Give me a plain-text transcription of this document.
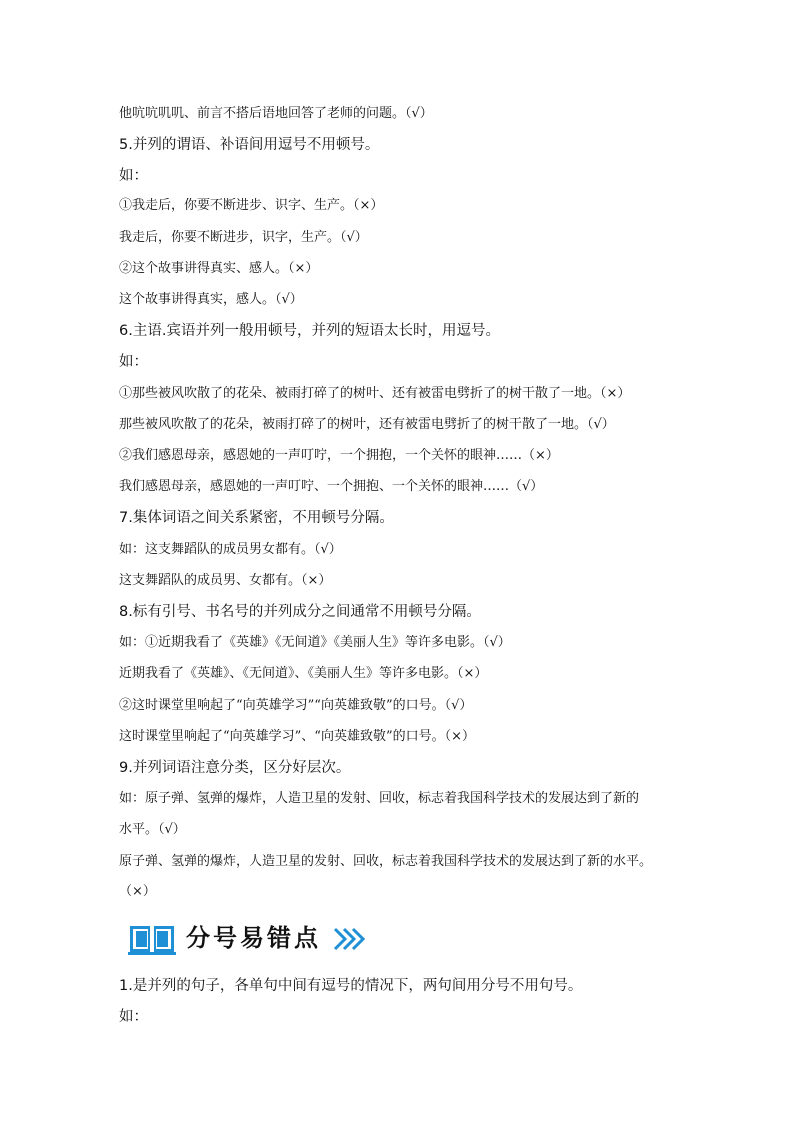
他吭吭叽叽、前言不搭后语地回答了老师的问题。（√）
5.并列的谓语、补语间用逗号不用顿号。
如：
①我走后，你要不断进步、识字、生产。（×）
我走后，你要不断进步，识字，生产。（√）
②这个故事讲得真实、感人。（×）
这个故事讲得真实，感人。（√）
6.主语.宾语并列一般用顿号，并列的短语太长时，用逗号。
如：
①那些被风吹散了的花朵、被雨打碎了的树叶、还有被雷电劈折了的树干散了一地。（×）
那些被风吹散了的花朵，被雨打碎了的树叶，还有被雷电劈折了的树干散了一地。（√）
②我们感恩母亲，感恩她的一声叮咛，一个拥抱，一个关怀的眼神……（×）
我们感恩母亲，感恩她的一声叮咛、一个拥抱、一个关怀的眼神……（√）
7.集体词语之间关系紧密，不用顿号分隔。
如：这支舞蹈队的成员男女都有。（√）
这支舞蹈队的成员男、女都有。（×）
8.标有引号、书名号的并列成分之间通常不用顿号分隔。
如：①近期我看了《英雄》《无间道》《美丽人生》等许多电影。（√）
近期我看了《英雄》、《无间道》、《美丽人生》等许多电影。（×）
②这时课堂里响起了“向英雄学习”“向英雄致敬”的口号。（√）
这时课堂里响起了“向英雄学习”、“向英雄致敬”的口号。（×）
9.并列词语注意分类，区分好层次。
如：原子弹、氢弹的爆炸，人造卫星的发射、回收，标志着我国科学技术的发展达到了新的
水平。（√）
原子弹、氢弹的爆炸，人造卫星的发射、回收，标志着我国科学技术的发展达到了新的水平。
（×）
分号易错点
1.是并列的句子，各单句中间有逗号的情况下，两句间用分号不用句号。
如：
